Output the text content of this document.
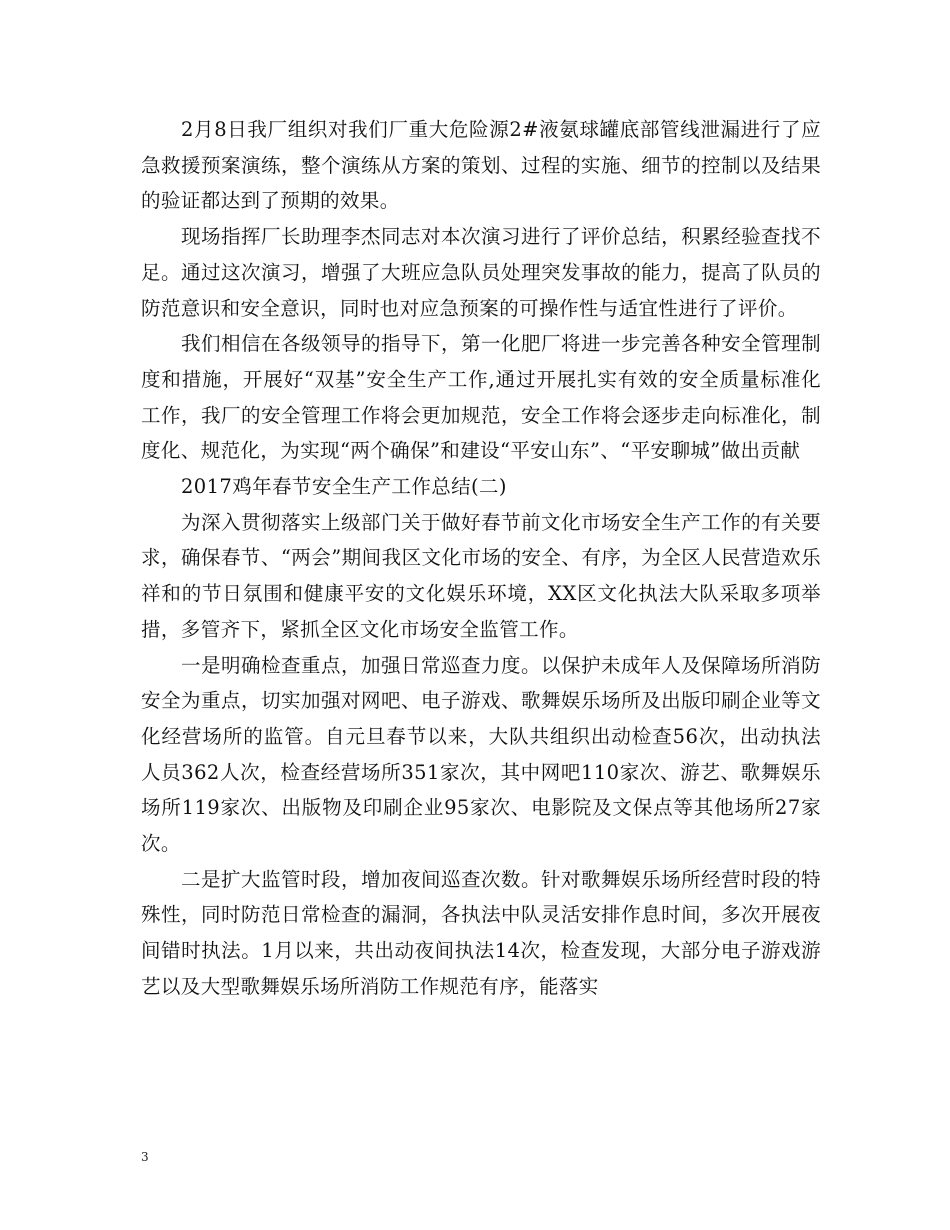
2月8日我厂组织对我们厂重大危险源2#液氨球罐底部管线泄漏进行了应急救援预案演练，整个演练从方案的策划、过程的实施、细节的控制以及结果的验证都达到了预期的效果。

现场指挥厂长助理李杰同志对本次演习进行了评价总结，积累经验查找不足。通过这次演习，增强了大班应急队员处理突发事故的能力，提高了队员的防范意识和安全意识，同时也对应急预案的可操作性与适宜性进行了评价。

我们相信在各级领导的指导下，第一化肥厂将进一步完善各种安全管理制度和措施，开展好“双基”安全生产工作,通过开展扎实有效的安全质量标准化工作，我厂的安全管理工作将会更加规范，安全工作将会逐步走向标准化，制度化、规范化，为实现“两个确保”和建设“平安山东”、“平安聊城”做出贡献

2017鸡年春节安全生产工作总结(二)

为深入贯彻落实上级部门关于做好春节前文化市场安全生产工作的有关要求，确保春节、“两会”期间我区文化市场的安全、有序，为全区人民营造欢乐祥和的节日氛围和健康平安的文化娱乐环境，XX区文化执法大队采取多项举措，多管齐下，紧抓全区文化市场安全监管工作。

一是明确检查重点，加强日常巡查力度。以保护未成年人及保障场所消防安全为重点，切实加强对网吧、电子游戏、歌舞娱乐场所及出版印刷企业等文化经营场所的监管。自元旦春节以来，大队共组织出动检查56次，出动执法人员362人次，检查经营场所351家次，其中网吧110家次、游艺、歌舞娱乐场所119家次、出版物及印刷企业95家次、电影院及文保点等其他场所27家次。

二是扩大监管时段，增加夜间巡查次数。针对歌舞娱乐场所经营时段的特殊性，同时防范日常检查的漏洞，各执法中队灵活安排作息时间，多次开展夜间错时执法。1月以来，共出动夜间执法14次，检查发现，大部分电子游戏游艺以及大型歌舞娱乐场所消防工作规范有序，能落实

3
